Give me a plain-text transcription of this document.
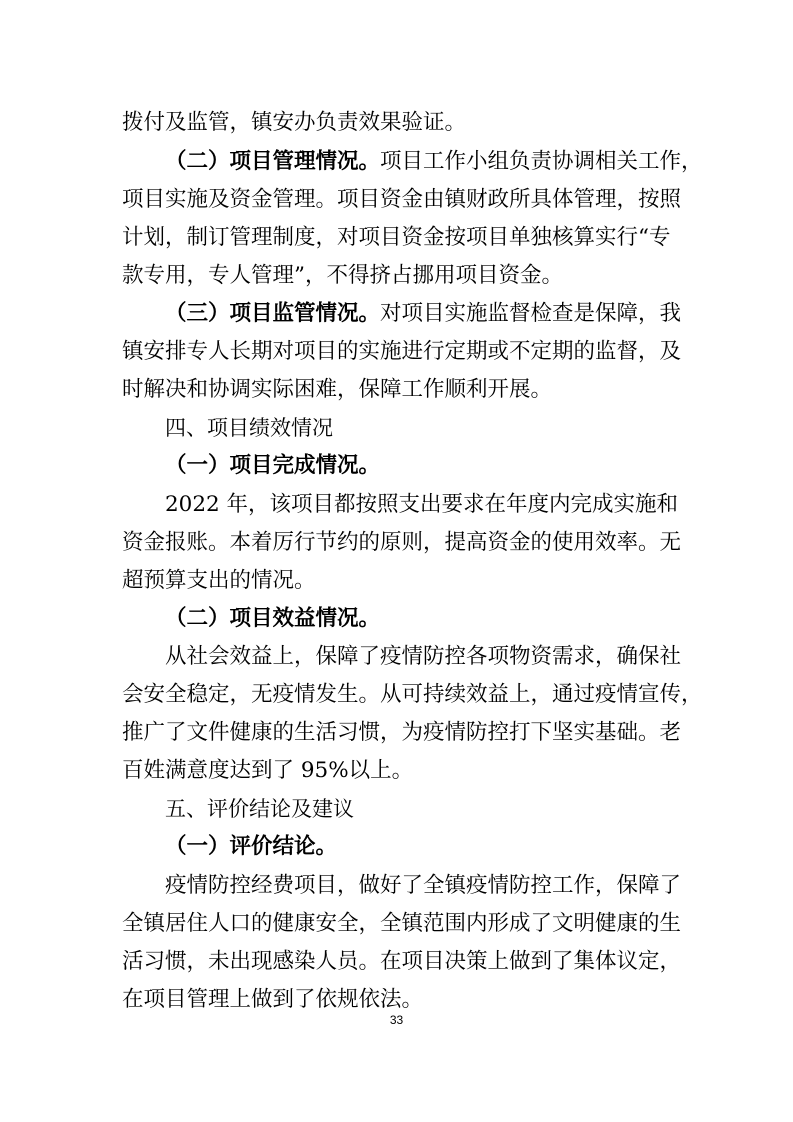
拨付及监管，镇安办负责效果验证。

（二）项目管理情况。项目工作小组负责协调相关工作，

项目实施及资金管理。项目资金由镇财政所具体管理，按照

计划，制订管理制度，对项目资金按项目单独核算实行“专

款专用，专人管理”，不得挤占挪用项目资金。

（三）项目监管情况。对项目实施监督检查是保障，我

镇安排专人长期对项目的实施进行定期或不定期的监督，及

时解决和协调实际困难，保障工作顺利开展。

四、项目绩效情况

（一）项目完成情况。

2022 年，该项目都按照支出要求在年度内完成实施和

资金报账。本着厉行节约的原则，提高资金的使用效率。无

超预算支出的情况。

（二）项目效益情况。

从社会效益上，保障了疫情防控各项物资需求，确保社

会安全稳定，无疫情发生。从可持续效益上，通过疫情宣传，

推广了文件健康的生活习惯，为疫情防控打下坚实基础。老

百姓满意度达到了 95%以上。

五、评价结论及建议

（一）评价结论。

疫情防控经费项目，做好了全镇疫情防控工作，保障了

全镇居住人口的健康安全，全镇范围内形成了文明健康的生

活习惯，未出现感染人员。在项目决策上做到了集体议定，

在项目管理上做到了依规依法。

33
